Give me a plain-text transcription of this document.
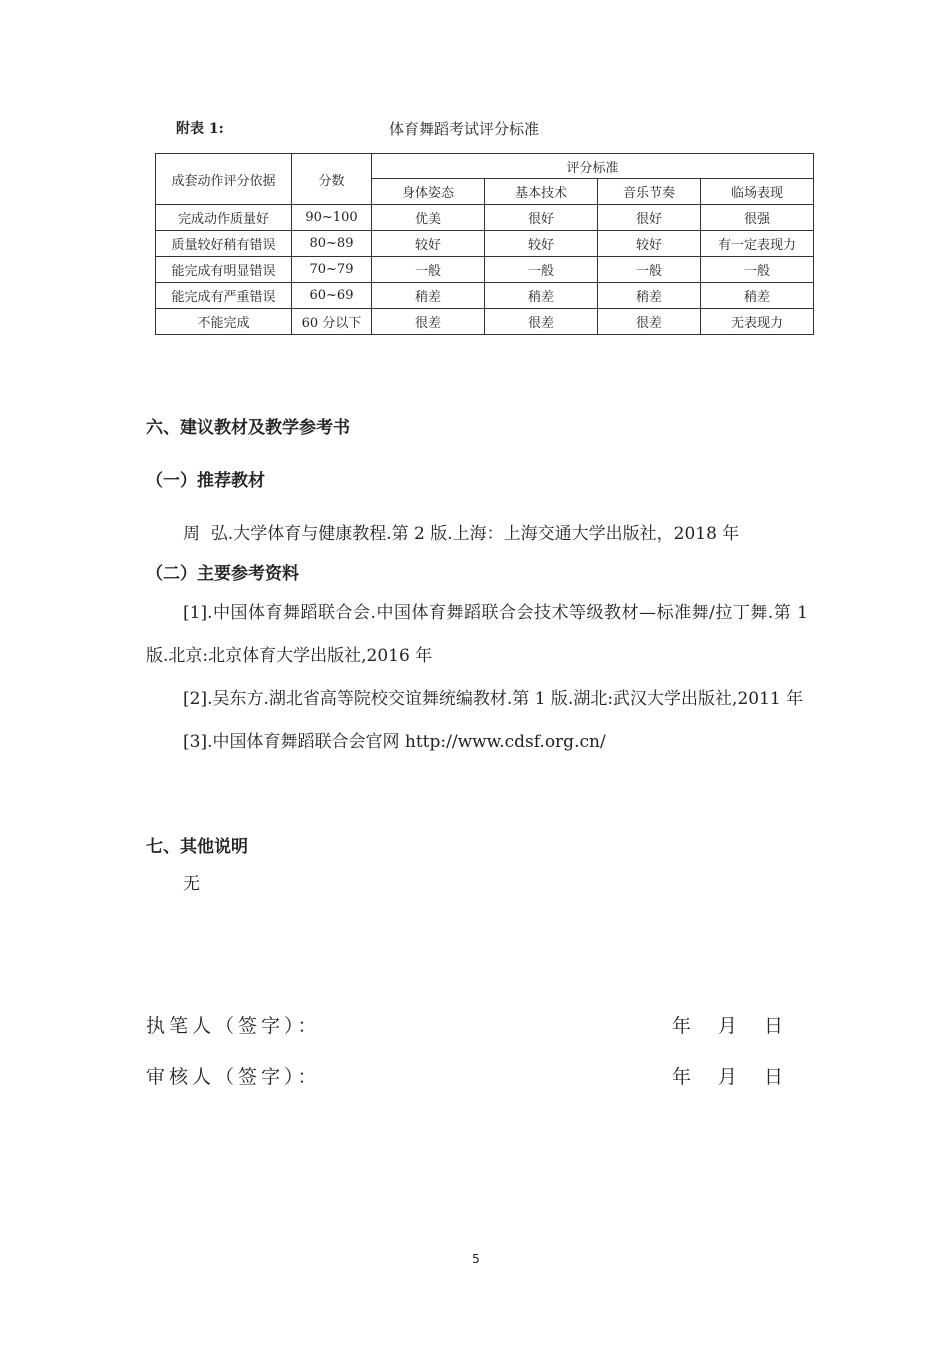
附表 1:	体育舞蹈考试评分标准
成套动作评分依据	分数	评分标准			
		身体姿态	基本技术	音乐节奏	临场表现
完成动作质量好	90~100	优美	很好	很好	很强
质量较好稍有错误	80~89	较好	较好	较好	有一定表现力
能完成有明显错误	70~79	一般	一般	一般	一般
能完成有严重错误	60~69	稍差	稍差	稍差	稍差
不能完成	60 分以下	很差	很差	很差	无表现力
六、建议教材及教学参考书
（一）推荐教材
周  弘.大学体育与健康教程.第 2 版.上海：上海交通大学出版社，2018 年
（二）主要参考资料

[1].中国体育舞蹈联合会.中国体育舞蹈联合会技术等级教材—标准舞/拉丁舞.第 1 版.北京:北京体育大学出版社,2016 年

[2].吴东方.湖北省高等院校交谊舞统编教材.第 1 版.湖北:武汉大学出版社,2011 年

[3].中国体育舞蹈联合会官网 http://www.cdsf.org.cn/

七、其他说明
无
执笔人（签字）：	年 月 日
审核人（签字）：	年 月 日
5
